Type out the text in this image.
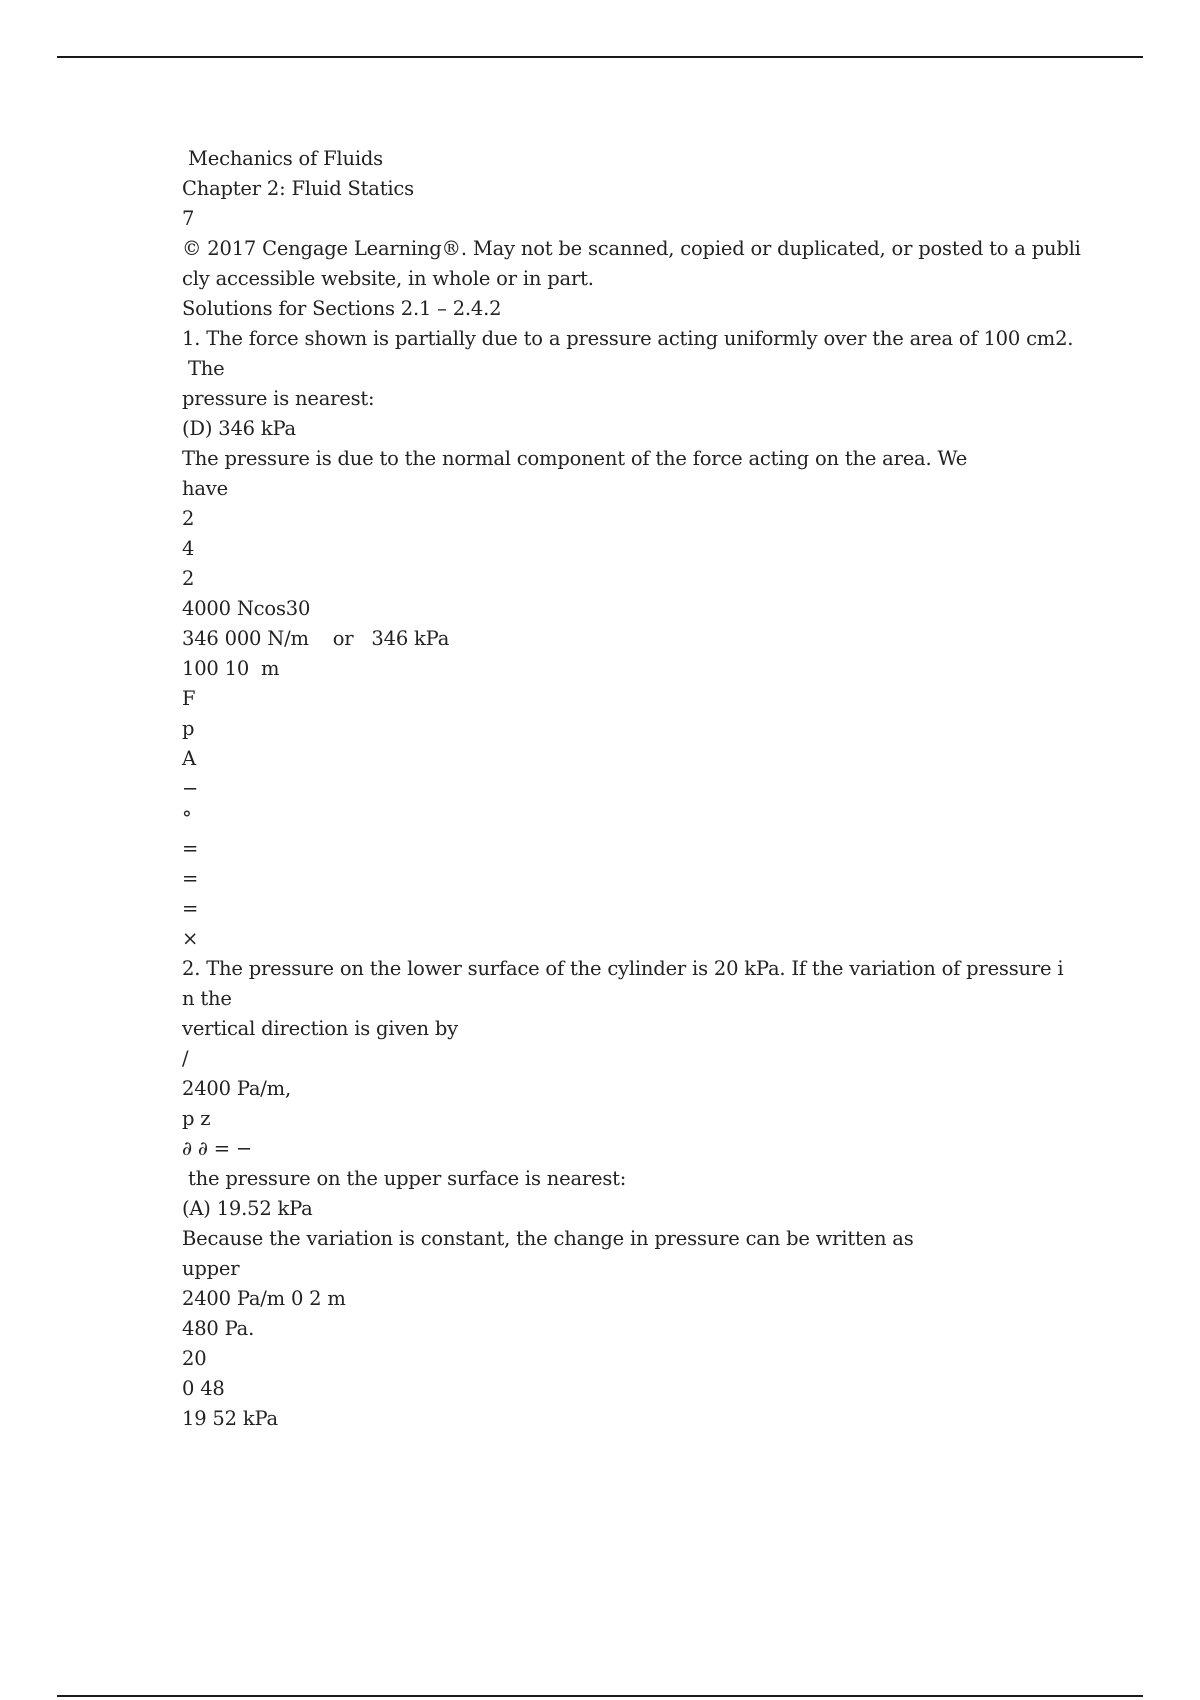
Mechanics of Fluids
Chapter 2: Fluid Statics
7
© 2017 Cengage Learning®. May not be scanned, copied or duplicated, or posted to a publi
cly accessible website, in whole or in part.
Solutions for Sections 2.1 – 2.4.2
1. The force shown is partially due to a pressure acting uniformly over the area of 100 cm2.
The
pressure is nearest:
(D) 346 kPa
The pressure is due to the normal component of the force acting on the area. We
have
2
4
2
4000 Ncos30
346 000 N/m    or   346 kPa
100 10  m
F
p
A
−
°
=
=
=
×
2. The pressure on the lower surface of the cylinder is 20 kPa. If the variation of pressure i
n the
vertical direction is given by
/
2400 Pa/m,
p z
∂ ∂ = −
the pressure on the upper surface is nearest:
(A) 19.52 kPa
Because the variation is constant, the change in pressure can be written as
upper
2400 Pa/m 0 2 m
480 Pa.
20
0 48
19 52 kPa
